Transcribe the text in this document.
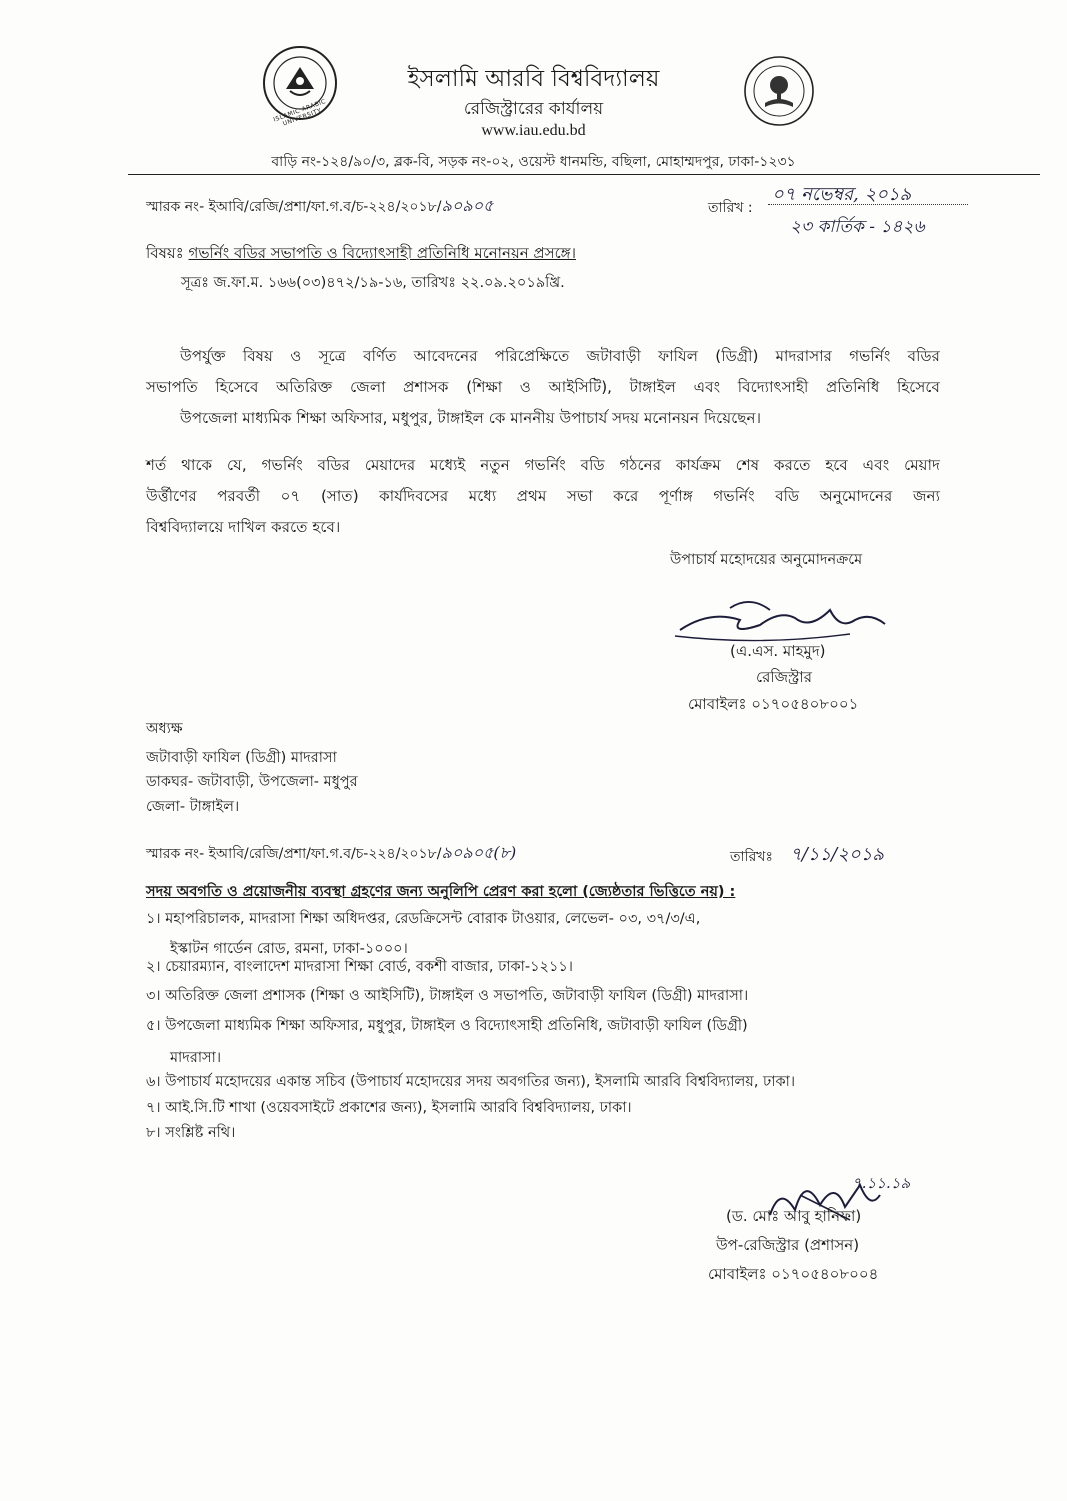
ISLAMIC ARABIC UNIVERSITY
ইসলামি আরবি বিশ্ববিদ্যালয়
রেজিস্ট্রারের কার্যালয়
www.iau.edu.bd
বাড়ি নং-১২৪/৯০/৩, ব্লক-বি, সড়ক নং-০২, ওয়েস্ট ধানমন্ডি, বছিলা, মোহাম্মদপুর, ঢাকা-১২৩১
স্মারক নং- ইআবি/রেজি/প্রশা/ফা.গ.ব/চ-২২৪/২০১৮/৯০৯০৫	তারিখ :
০৭ নভেম্বর, ২০১৯
২৩ কার্তিক - ১৪২৬
বিষয়ঃ গভর্নিং বডির সভাপতি ও বিদ্যোৎসাহী প্রতিনিধি মনোনয়ন প্রসঙ্গে।
সূত্রঃ জ.ফা.ম. ১৬৬(০৩)৪৭২/১৯-১৬, তারিখঃ ২২.০৯.২০১৯খ্রি.

উপর্যুক্ত বিষয় ও সূত্রে বর্ণিত আবেদনের পরিপ্রেক্ষিতে জটাবাড়ী ফাযিল (ডিগ্রী) মাদরাসার গভর্নিং বডির
সভাপতি হিসেবে অতিরিক্ত জেলা প্রশাসক (শিক্ষা ও আইসিটি), টাঙ্গাইল এবং বিদ্যোৎসাহী প্রতিনিধি হিসেবে
উপজেলা মাধ্যমিক শিক্ষা অফিসার, মধুপুর, টাঙ্গাইল কে মাননীয় উপাচার্য সদয় মনোনয়ন দিয়েছেন।

শর্ত থাকে যে, গভর্নিং বডির মেয়াদের মধ্যেই নতুন গভর্নিং বডি গঠনের কার্যক্রম শেষ করতে হবে এবং মেয়াদ
উর্ত্তীণের পরবর্তী ০৭ (সাত) কার্যদিবসের মধ্যে প্রথম সভা করে পূর্ণাঙ্গ গভর্নিং বডি অনুমোদনের জন্য
বিশ্ববিদ্যালয়ে দাখিল করতে হবে।

উপাচার্য মহোদয়ের অনুমোদনক্রমে
(এ.এস. মাহমুদ)
রেজিস্ট্রার
মোবাইলঃ ০১৭০৫৪০৮০০১
অধ্যক্ষ
জটাবাড়ী ফাযিল (ডিগ্রী) মাদরাসা
ডাকঘর- জটাবাড়ী, উপজেলা- মধুপুর
জেলা- টাঙ্গাইল।
স্মারক নং- ইআবি/রেজি/প্রশা/ফা.গ.ব/চ-২২৪/২০১৮/৯০৯০৫(৮)	তারিখঃ ৭/১১/২০১৯
সদয় অবগতি ও প্রয়োজনীয় ব্যবস্থা গ্রহণের জন্য অনুলিপি প্রেরণ করা হলো (জ্যেষ্ঠতার ভিত্তিতে নয়) :
১। মহাপরিচালক, মাদরাসা শিক্ষা অধিদপ্তর, রেডক্রিসেন্ট বোরাক টাওয়ার, লেভেল- ০৩, ৩৭/৩/এ,
ইস্কাটন গার্ডেন রোড, রমনা, ঢাকা-১০০০।
২। চেয়ারম্যান, বাংলাদেশ মাদরাসা শিক্ষা বোর্ড, বকশী বাজার, ঢাকা-১২১১।
৩। অতিরিক্ত জেলা প্রশাসক (শিক্ষা ও আইসিটি), টাঙ্গাইল ও সভাপতি, জটাবাড়ী ফাযিল (ডিগ্রী) মাদরাসা।
৫। উপজেলা মাধ্যমিক শিক্ষা অফিসার, মধুপুর, টাঙ্গাইল ও বিদ্যোৎসাহী প্রতিনিধি, জটাবাড়ী ফাযিল (ডিগ্রী)
মাদরাসা।
৬। উপাচার্য মহোদয়ের একান্ত সচিব (উপাচার্য মহোদয়ের সদয় অবগতির জন্য), ইসলামি আরবি বিশ্ববিদ্যালয়, ঢাকা।
৭। আই.সি.টি শাখা (ওয়েবসাইটে প্রকাশের জন্য), ইসলামি আরবি বিশ্ববিদ্যালয়, ঢাকা।
৮। সংশ্লিষ্ট নথি।
৭.১১.১৯
(ড. মোঃ আবু হানিফা)
উপ-রেজিস্ট্রার (প্রশাসন)
মোবাইলঃ ০১৭০৫৪০৮০০৪
